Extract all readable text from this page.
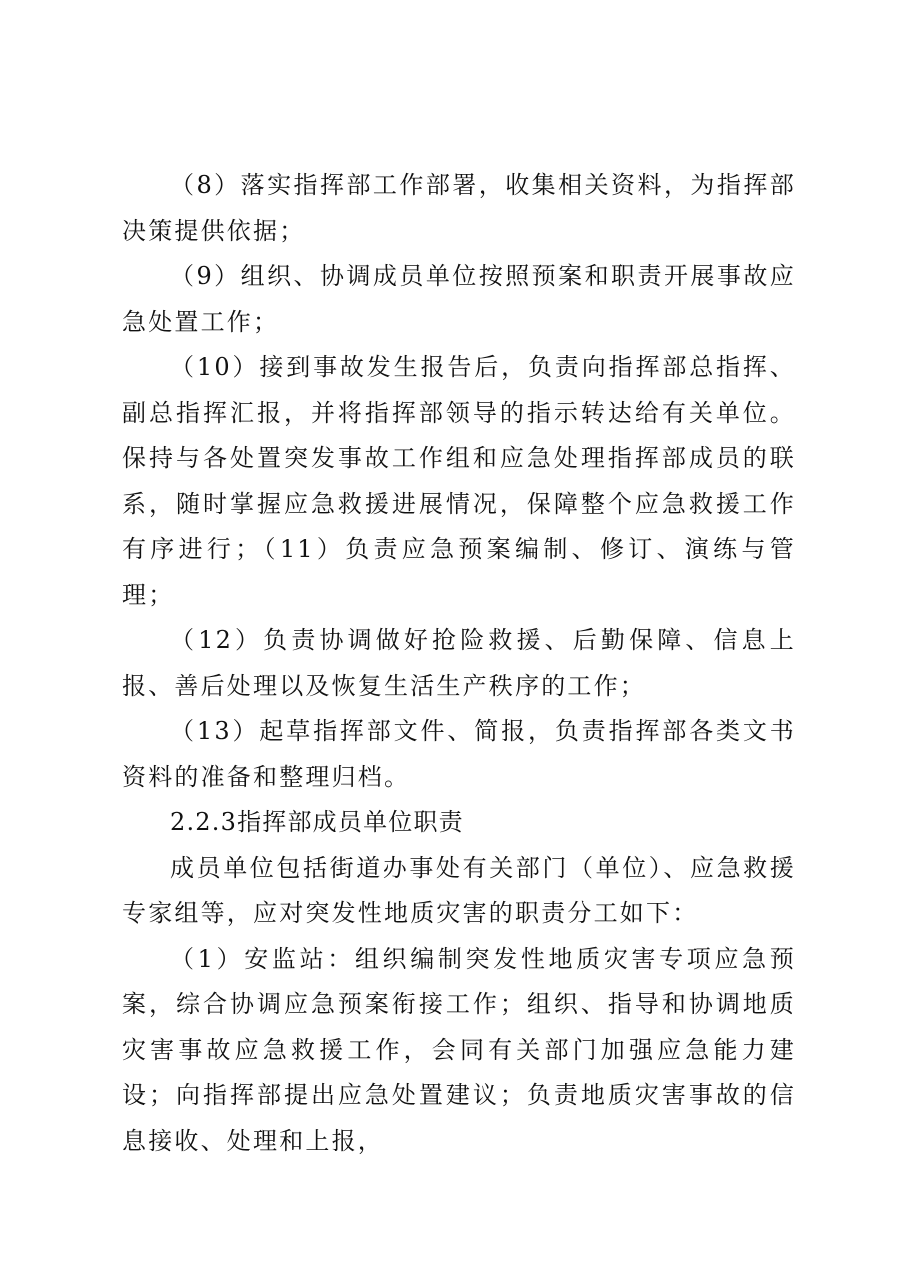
（8）落实指挥部工作部署，收集相关资料，为指挥部决策提供依据；

（9）组织、协调成员单位按照预案和职责开展事故应急处置工作；

（10）接到事故发生报告后，负责向指挥部总指挥、副总指挥汇报，并将指挥部领导的指示转达给有关单位。保持与各处置突发事故工作组和应急处理指挥部成员的联系，随时掌握应急救援进展情况，保障整个应急救援工作有序进行；（11）负责应急预案编制、修订、演练与管理；

（12）负责协调做好抢险救援、后勤保障、信息上报、善后处理以及恢复生活生产秩序的工作；

（13）起草指挥部文件、简报，负责指挥部各类文书资料的准备和整理归档。

2.2.3指挥部成员单位职责

成员单位包括街道办事处有关部门（单位）、应急救援专家组等，应对突发性地质灾害的职责分工如下：

（1）安监站：组织编制突发性地质灾害专项应急预案，综合协调应急预案衔接工作；组织、指导和协调地质灾害事故应急救援工作，会同有关部门加强应急能力建设；向指挥部提出应急处置建议；负责地质灾害事故的信息接收、处理和上报，
